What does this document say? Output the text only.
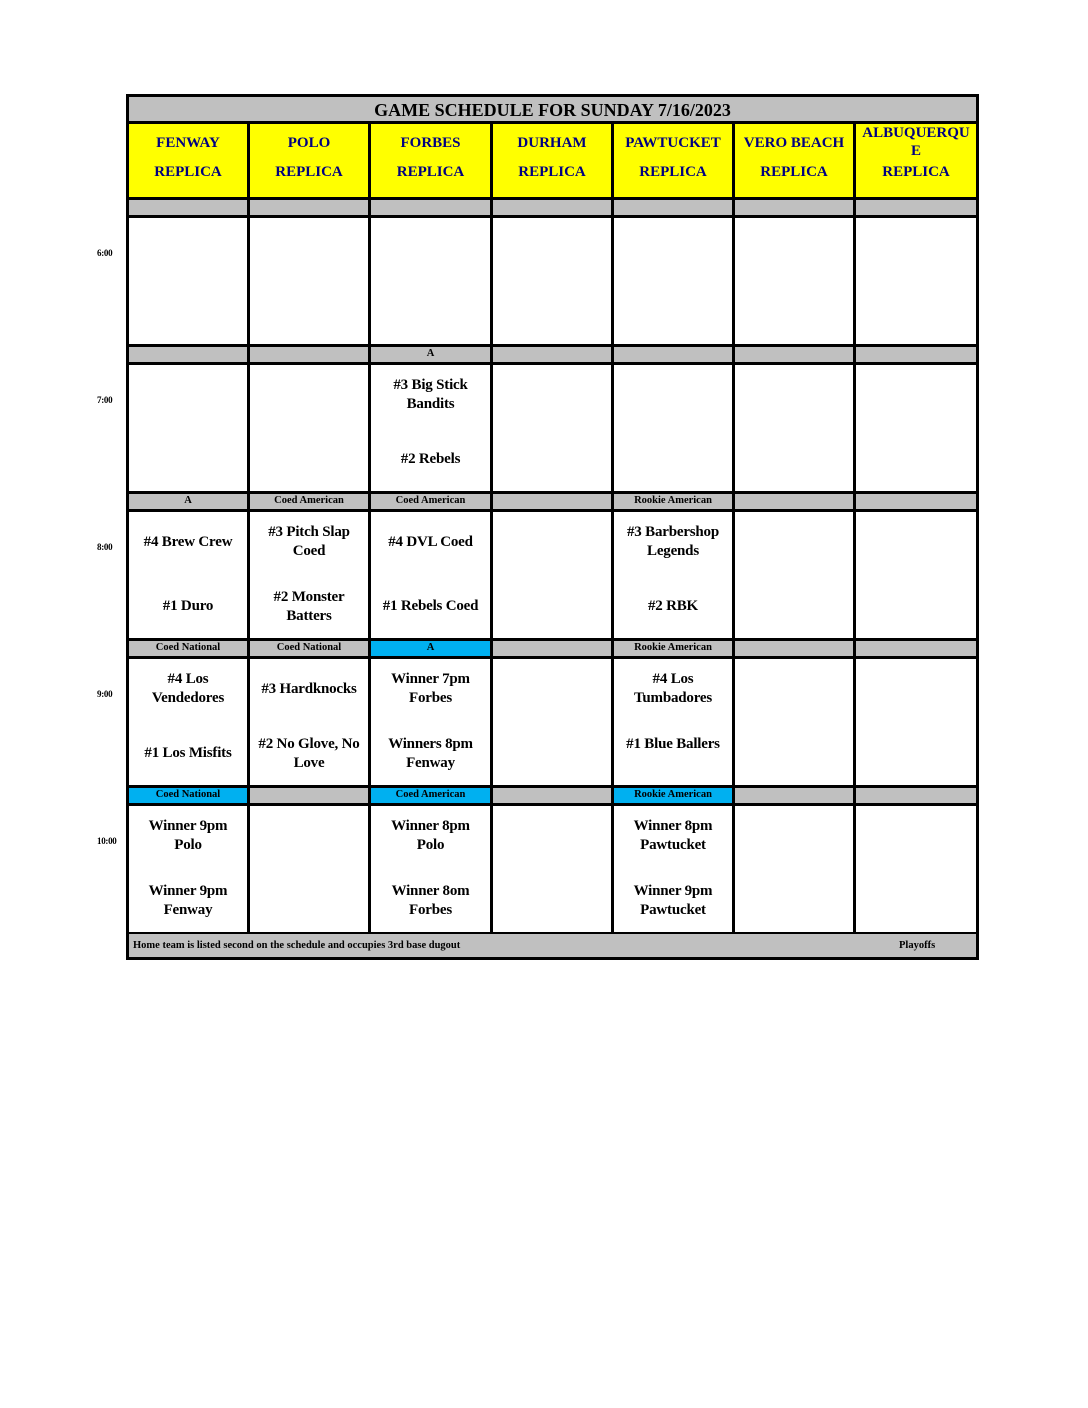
GAME SCHEDULE FOR SUNDAY 7/16/2023
FENWAY
REPLICA
POLO
REPLICA
FORBES
REPLICA
DURHAM
REPLICA
PAWTUCKET
REPLICA
VERO BEACH
REPLICA
ALBUQUERQU E
REPLICA
A
#3 Big Stick Bandits
#2 Rebels
A
#4 Brew Crew
#1 Duro
Coed American
#3 Pitch Slap Coed
#2 Monster Batters
Coed American
#4 DVL Coed
#1 Rebels Coed
Rookie American
#3 Barbershop Legends
#2 RBK
Coed National
#4 Los Vendedores
#1 Los Misfits
Coed National
#3 Hardknocks
#2 No Glove, No Love
A
Winner 7pm Forbes
Winners 8pm Fenway
Rookie American
#4 Los Tumbadores
#1 Blue Ballers
Coed National
Winner 9pm Polo
Winner 9pm Fenway
Coed American
Winner 8pm Polo
Winner 8om Forbes
Rookie American
Winner 8pm Pawtucket
Winner 9pm Pawtucket
Home team is listed second on the schedule and occupies 3rd base dugout	Playoffs
6:00
7:00
8:00
9:00
10:00
